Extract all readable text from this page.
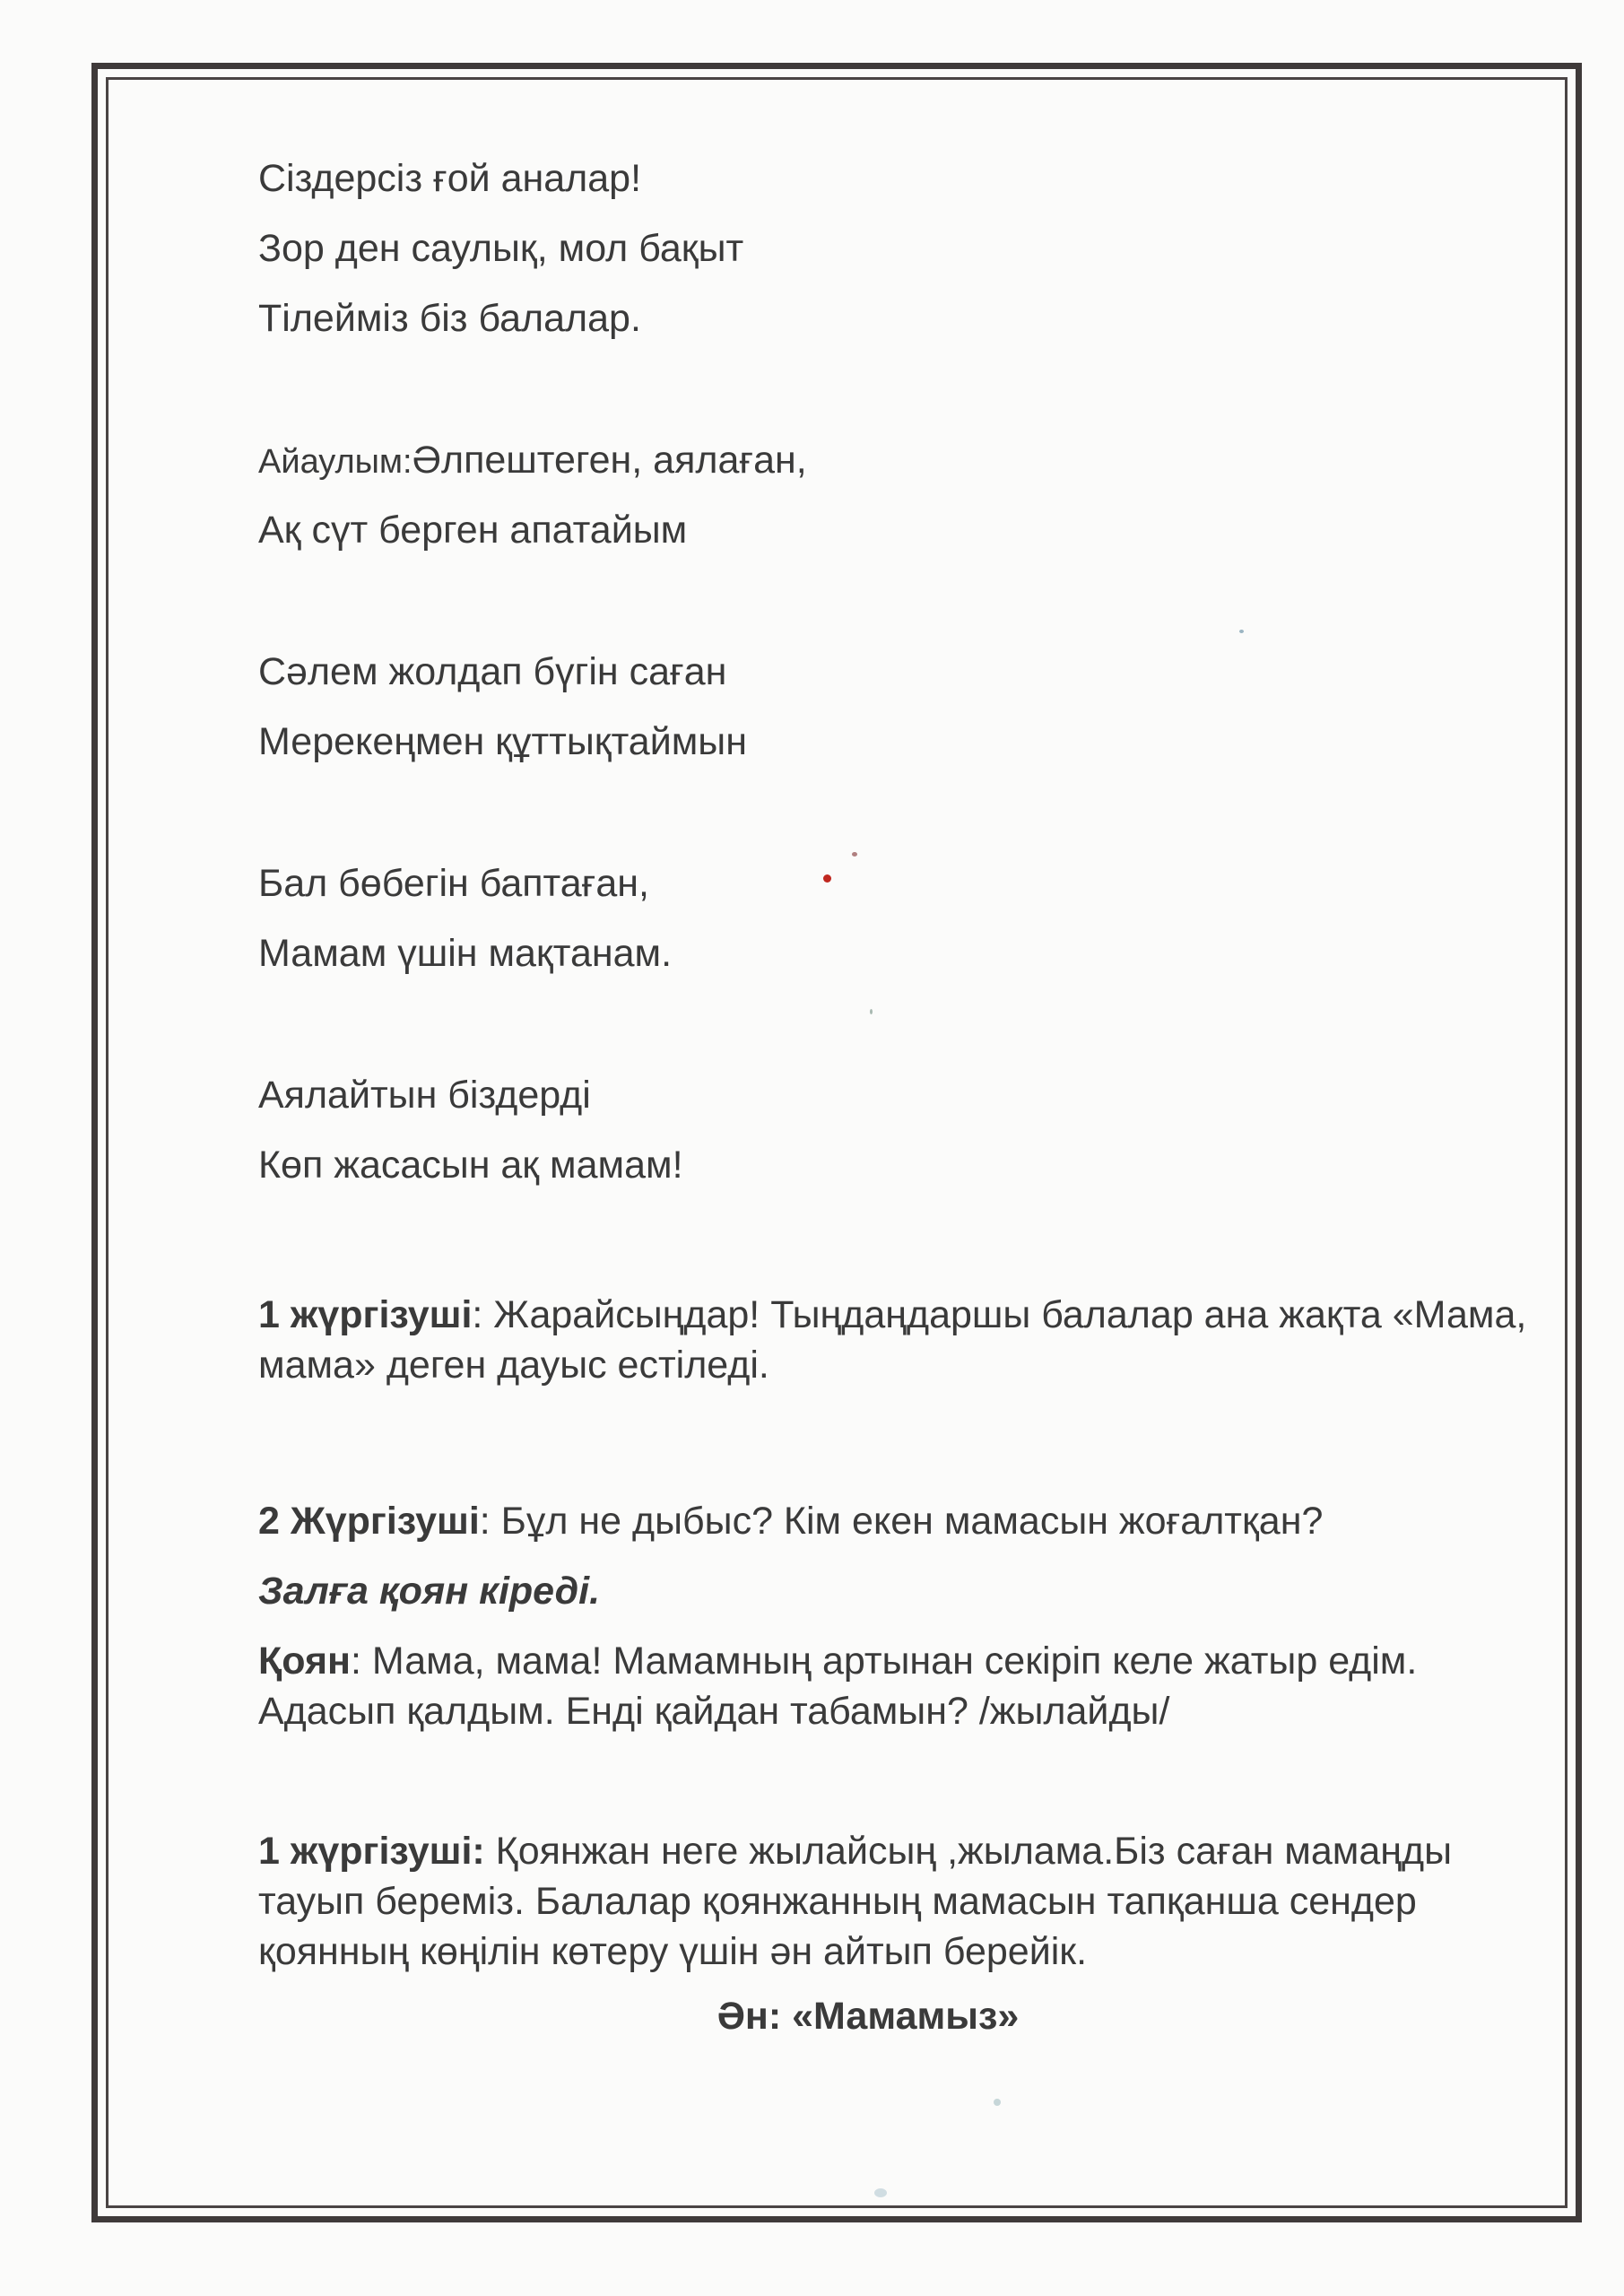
Сіздерсіз ғой аналар!
Зор ден саулық, мол бақыт
Тілейміз біз балалар.
Айаулым:Әлпештеген, аялаған,
Ақ сүт берген апатайым
Сәлем жолдап бүгін саған
Мерекеңмен құттықтаймын
Бал бөбегін баптаған,
Мамам үшін мақтанам.
Аялайтын біздерді
Көп жасасын ақ мамам!
1 жүргізуші: Жарайсыңдар! Тыңдаңдаршы балалар ана жақта «Мама, мама» деген дауыс естіледі.
2 Жүргізуші: Бұл не дыбыс? Кім екен мамасын жоғалтқан?
Залға қоян кіреді.
Қоян: Мама, мама! Мамамның артынан секіріп келе жатыр едім. Адасып қалдым. Енді қайдан табамын? /жылайды/
1 жүргізуші: Қоянжан неге жылайсың ,жылама.Біз саған мамаңды тауып береміз. Балалар қоянжанның мамасын тапқанша сендер қоянның көңілін көтеру үшін ән айтып берейік.
Ән: «Мамамыз»
